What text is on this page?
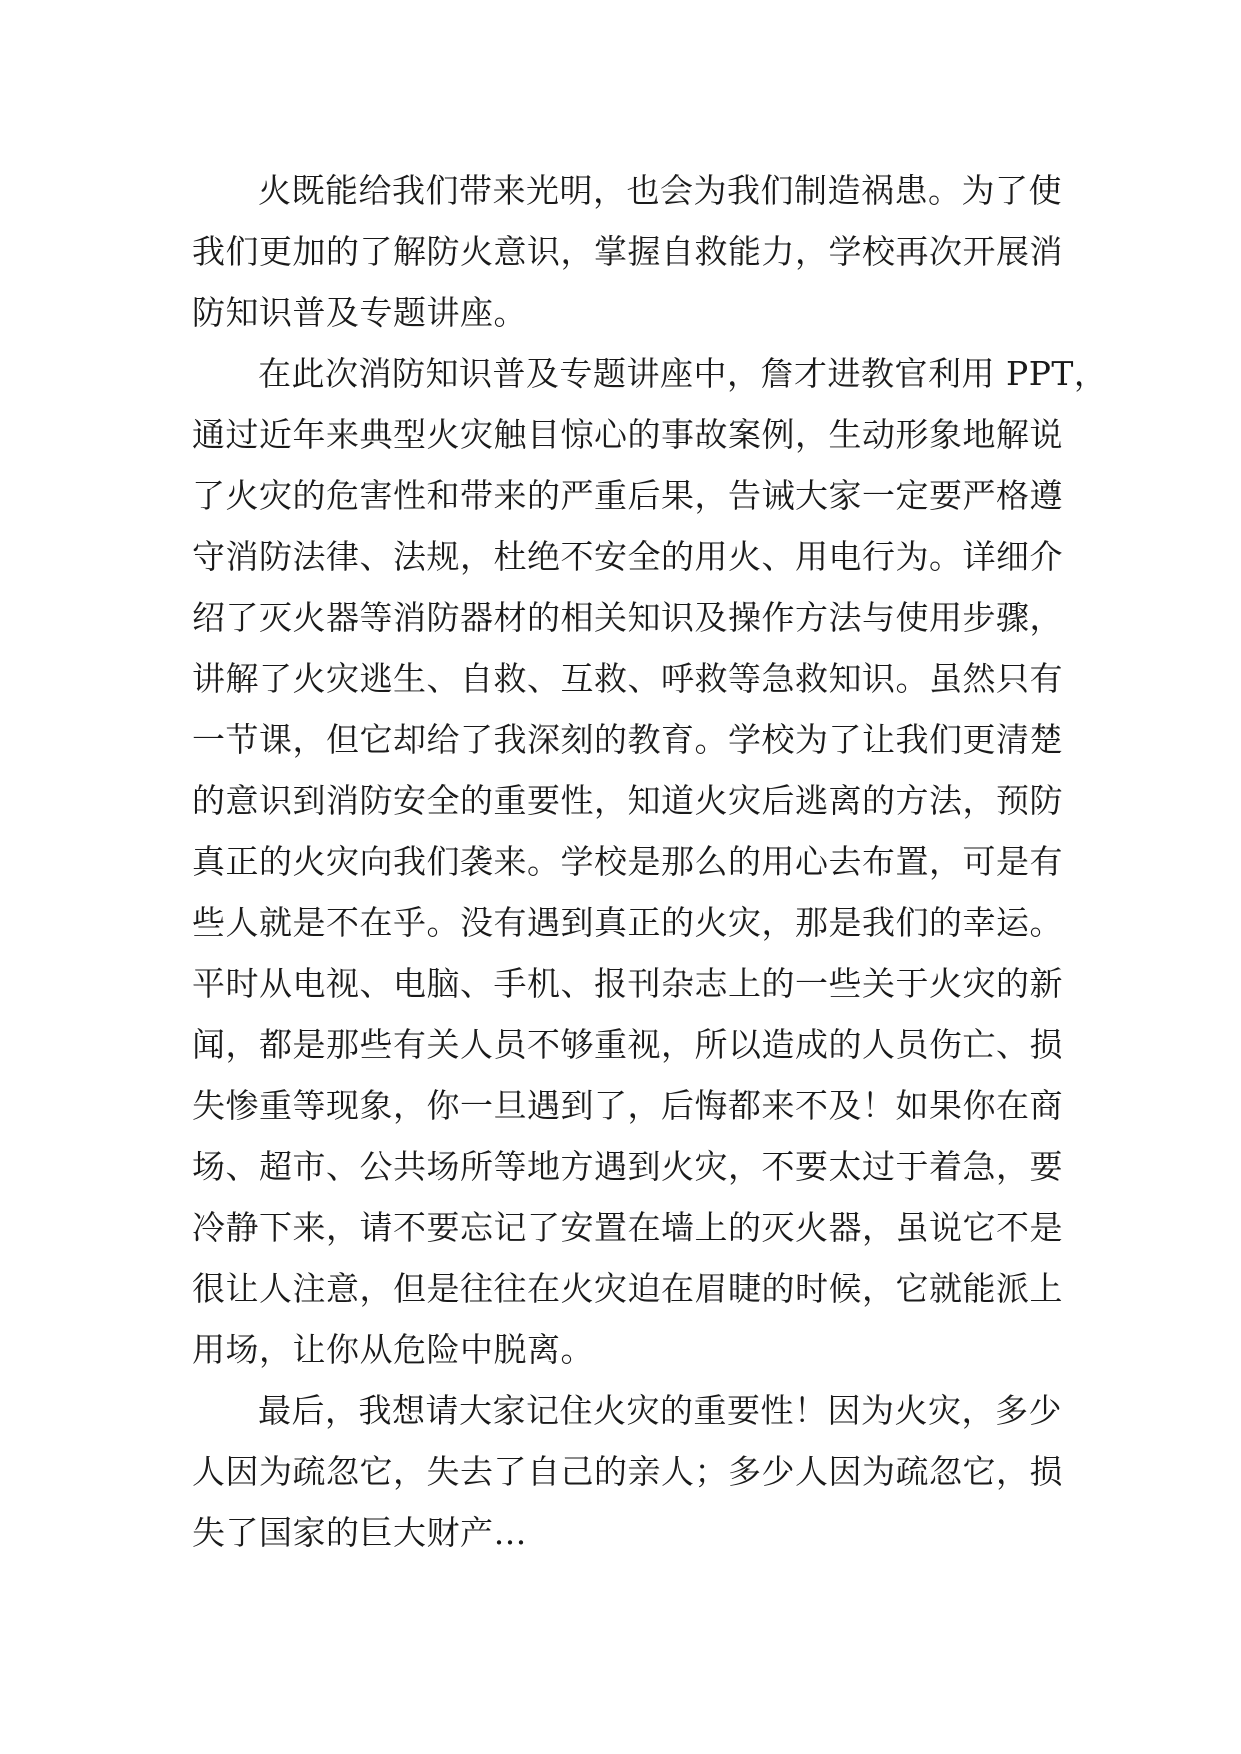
火既能给我们带来光明，也会为我们制造祸患。为了使
我们更加的了解防火意识，掌握自救能力，学校再次开展消
防知识普及专题讲座。
在此次消防知识普及专题讲座中，詹才进教官利用 PPT，
通过近年来典型火灾触目惊心的事故案例，生动形象地解说
了火灾的危害性和带来的严重后果，告诫大家一定要严格遵
守消防法律、法规，杜绝不安全的用火、用电行为。详细介
绍了灭火器等消防器材的相关知识及操作方法与使用步骤，
讲解了火灾逃生、自救、互救、呼救等急救知识。虽然只有
一节课，但它却给了我深刻的教育。学校为了让我们更清楚
的意识到消防安全的重要性，知道火灾后逃离的方法，预防
真正的火灾向我们袭来。学校是那么的用心去布置，可是有
些人就是不在乎。没有遇到真正的火灾，那是我们的幸运。
平时从电视、电脑、手机、报刊杂志上的一些关于火灾的新
闻，都是那些有关人员不够重视，所以造成的人员伤亡、损
失惨重等现象，你一旦遇到了，后悔都来不及！如果你在商
场、超市、公共场所等地方遇到火灾，不要太过于着急，要
冷静下来，请不要忘记了安置在墙上的灭火器，虽说它不是
很让人注意，但是往往在火灾迫在眉睫的时候，它就能派上
用场，让你从危险中脱离。
最后，我想请大家记住火灾的重要性！因为火灾，多少
人因为疏忽它，失去了自己的亲人；多少人因为疏忽它，损
失了国家的巨大财产…
